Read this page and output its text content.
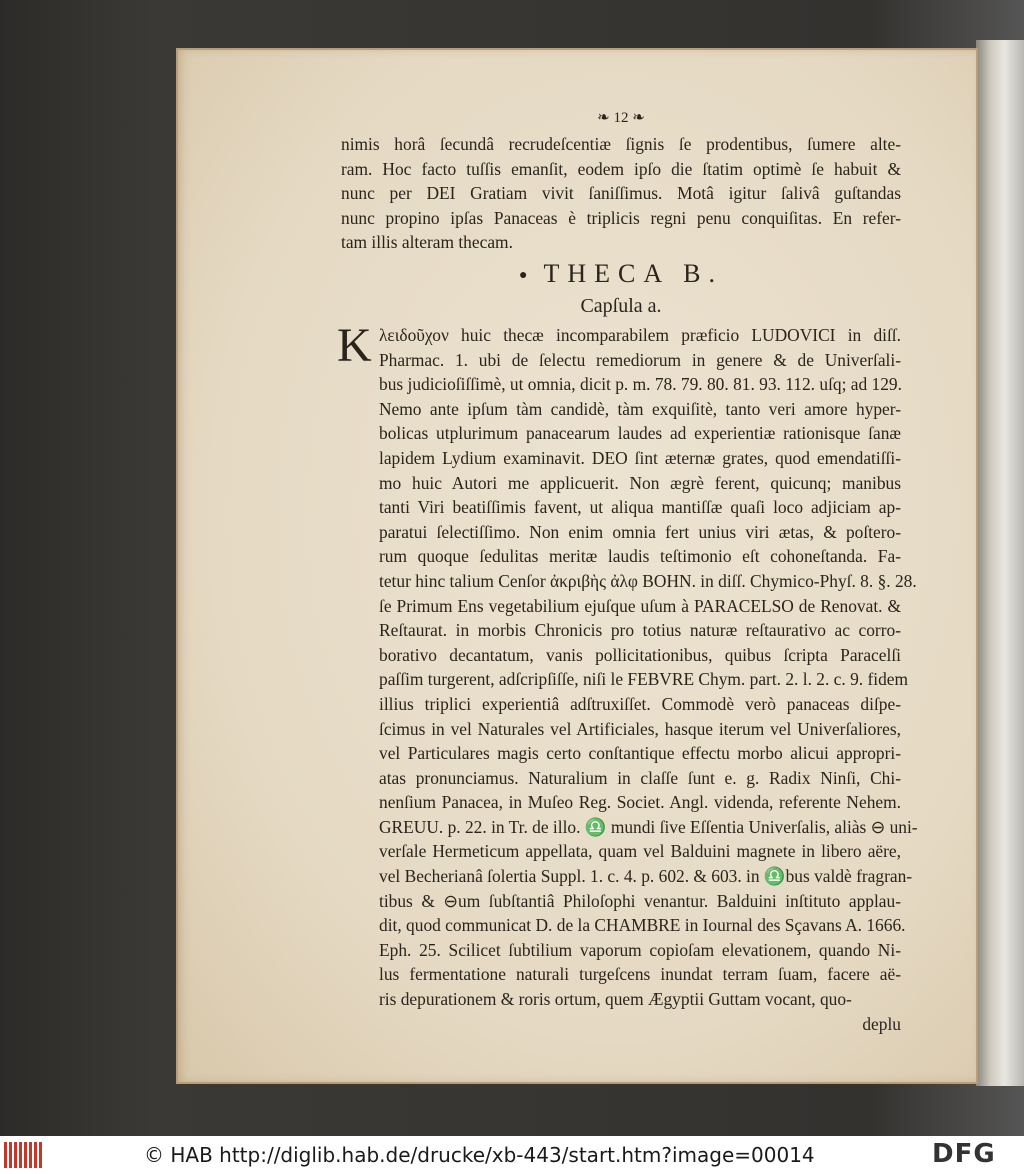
❧ 12 ❧
nimis horâ ſecundâ recrudeſcentiæ ſignis ſe prodentibus, ſumere alte-
ram. Hoc facto tuſſis emanſit, eodem ipſo die ſtatim optimè ſe habuit &
nunc per DEI Gratiam vivit ſaniſſimus. Motâ igitur ſalivâ guſtandas
nunc propino ipſas Panaceas è triplicis regni penu conquiſitas. En refer-
tam illis alteram thecam.
● THECA B.
Capſula a.
K λειδοῦχον huic thecæ incomparabilem præficio LUDOVICI in diſſ.
Pharmac. 1. ubi de ſelectu remediorum in genere & de Univerſali-
bus judicioſiſſimè, ut omnia, dicit p. m. 78. 79. 80. 81. 93. 112. uſq; ad 129.
Nemo ante ipſum tàm candidè, tàm exquiſitè, tanto veri amore hyper-
bolicas utplurimum panacearum laudes ad experientiæ rationisque ſanæ
lapidem Lydium examinavit. DEO ſint æternæ grates, quod emendatiſſi-
mo huic Autori me applicuerit. Non ægrè ferent, quicunq; manibus
tanti Viri beatiſſimis favent, ut aliqua mantiſſæ quaſi loco adjiciam ap-
paratui ſelectiſſimo. Non enim omnia fert unius viri ætas, & poſtero-
rum quoque ſedulitas meritæ laudis teſtimonio eſt cohoneſtanda. Fa-
tetur hinc talium Cenſor ἀκριβὴς ἀλφ BOHN. in diſſ. Chymico-Phyſ. 8. §. 28.
ſe Primum Ens vegetabilium ejuſque uſum à PARACELSO de Renovat. &
Reſtaurat. in morbis Chronicis pro totius naturæ reſtaurativo ac corro-
borativo decantatum, vanis pollicitationibus, quibus ſcripta Paracelſi
paſſim turgerent, adſcripſiſſe, niſi le FEBVRE Chym. part. 2. l. 2. c. 9. fidem
illius triplici experientiâ adſtruxiſſet. Commodè verò panaceas diſpe-
ſcimus in vel Naturales vel Artificiales, hasque iterum vel Univerſaliores,
vel Particulares magis certo conſtantique effectu morbo alicui appropri-
atas pronunciamus. Naturalium in claſſe ſunt e. g. Radix Ninſi, Chi-
nenſium Panacea, in Muſeo Reg. Societ. Angl. videnda, referente Nehem.
GREUU. p. 22. in Tr. de illo. ♎ mundi ſive Eſſentia Univerſalis, aliàs ⊖ uni-
verſale Hermeticum appellata, quam vel Balduini magnete in libero aëre,
vel Becherianâ ſolertia Suppl. 1. c. 4. p. 602. & 603. in ♎bus valdè fragran-
tibus & ⊖um ſubſtantiâ Philoſophi venantur. Balduini inſtituto applau-
dit, quod communicat D. de la CHAMBRE in Iournal des Sçavans A. 1666.
Eph. 25. Scilicet ſubtilium vaporum copioſam elevationem, quando Ni-
lus fermentatione naturali turgeſcens inundat terram ſuam, facere aë-
ris depurationem & roris ortum, quem Ægyptii Guttam vocant, quo-
deplu
© HAB http://diglib.hab.de/drucke/xb-443/start.htm?image=00014	DFG
